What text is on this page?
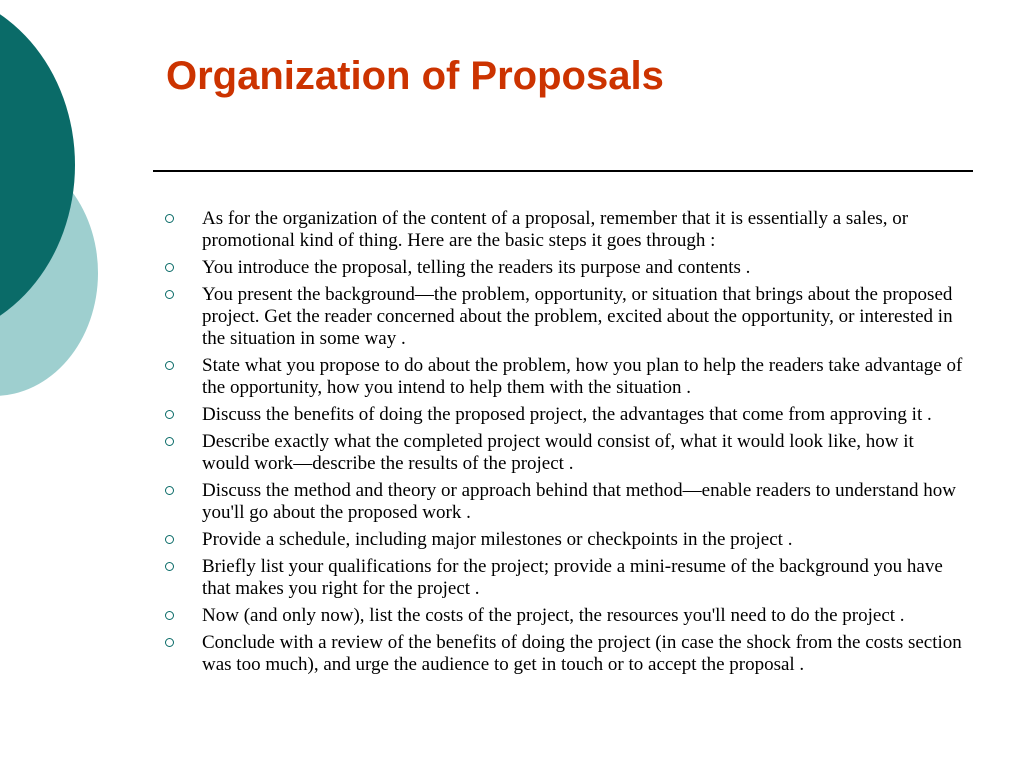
Organization of Proposals
As for the organization of the content of a proposal, remember that it is essentially a sales, or promotional kind of thing. Here are the basic steps it goes through :
You introduce the proposal, telling the readers its purpose and contents .
You present the background—the problem, opportunity, or situation that brings about the proposed project. Get the reader concerned about the problem, excited about the opportunity, or interested in the situation in some way .
State what you propose to do about the problem, how you plan to help the readers take advantage of the opportunity, how you intend to help them with the situation .
Discuss the benefits of doing the proposed project, the advantages that come from approving it .
Describe exactly what the completed project would consist of, what it would look like, how it would work—describe the results of the project .
Discuss the method and theory or approach behind that method—enable readers to understand how you'll go about the proposed work .
Provide a schedule, including major milestones or checkpoints in the project .
Briefly list your qualifications for the project; provide a mini-resume of the background you have that makes you right for the project .
Now (and only now), list the costs of the project, the resources you'll need to do the project .
Conclude with a review of the benefits of doing the project (in case the shock from the costs section was too much), and urge the audience to get in touch or to accept the proposal .
